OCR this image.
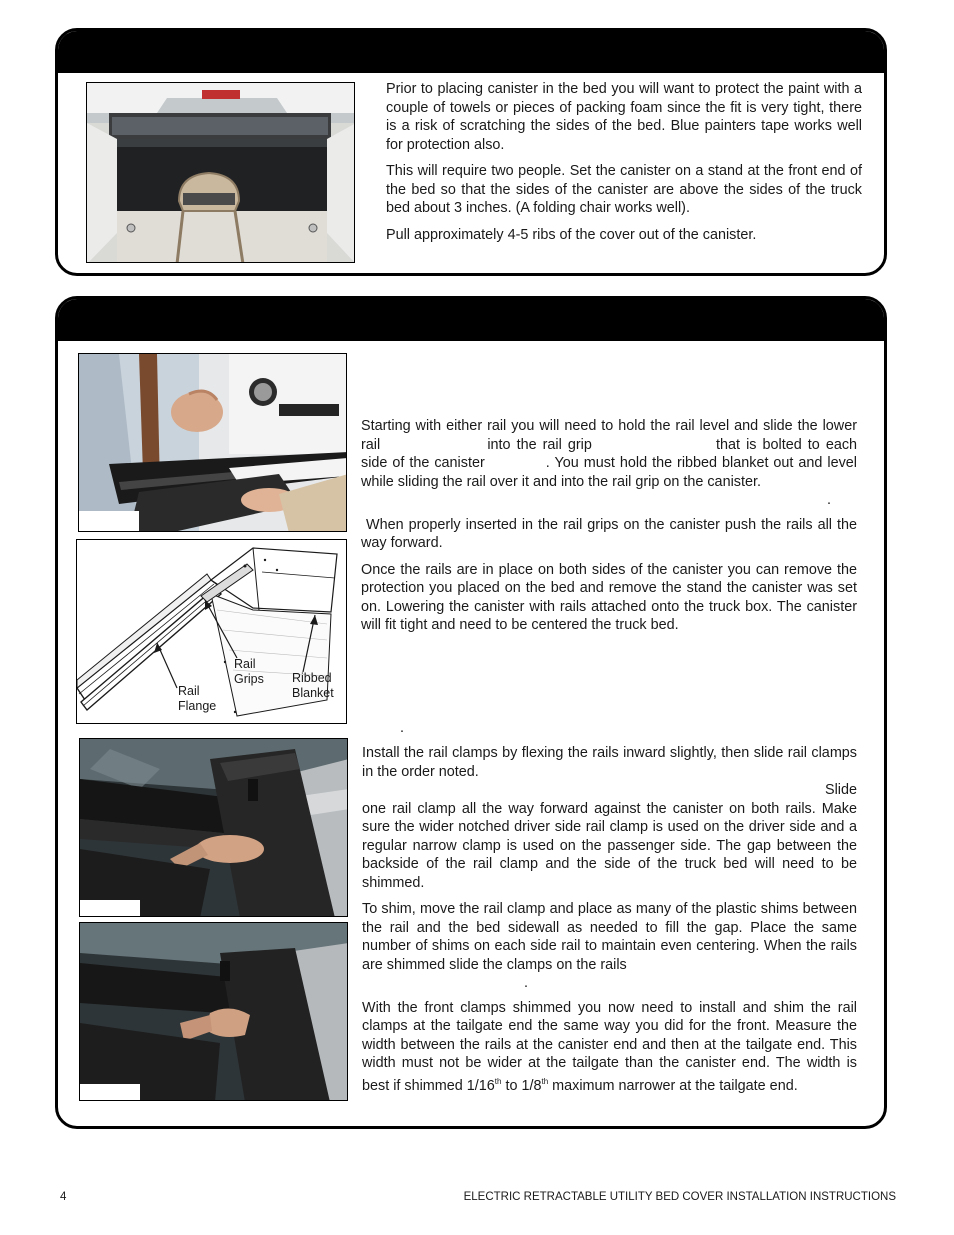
Prior to placing canister in the bed you will want to protect the paint with a couple of towels or pieces of packing foam since the fit is very tight, there is a risk of scratching the sides of the bed. Blue painters tape works well for protection also.

This will require two people. Set the canister on a stand at the front end of the bed so that the sides of the canister are above the sides of the truck bed about 3 inches. (A folding chair works well).

Pull approximately 4-5 ribs of the cover out of the canister.

Rail
Grips Ribbed
Blanket
Rail
Flange

Starting with either rail you will need to hold the rail level and slide the lower rail	into the rail grip	that is bolted to each side of the canister	. You must hold the ribbed blanket out and level while sliding the rail over it and into the rail grip on the canister.

.

When properly inserted in the rail grips on the canister push the rails all the way forward.

Once the rails are in place on both sides of the canister you can remove the protection you placed on the bed and remove the stand the canister was set on. Lowering the canister with rails attached onto the truck box. The canister will fit tight and need to be centered the truck bed.

.

Install the rail clamps by flexing the rails inward slightly, then slide rail clamps in the order noted.

Slide

one rail clamp all the way forward against the canister on both rails. Make sure the wider notched driver side rail clamp is used on the driver side and a regular narrow clamp is used on the passenger side. The gap between the backside of the rail clamp and the side of the truck bed will need to be shimmed.

To shim, move the rail clamp and place as many of the plastic shims between the rail and the bed sidewall as needed to fill the gap. Place the same number of shims on each side rail to maintain even centering. When the rails are shimmed slide the clamps on the rails

.

With the front clamps shimmed you now need to install and shim the rail clamps at the tailgate end the same way you did for the front. Measure the width between the rails at the canister end and then at the tailgate end. This width must not be wider at the tailgate than the canister end. The width is best if shimmed 1/16th to 1/8th maximum narrower at the tailgate end.

4	ELECTRIC RETRACTABLE UTILITY BED COVER INSTALLATION INSTRUCTIONS
